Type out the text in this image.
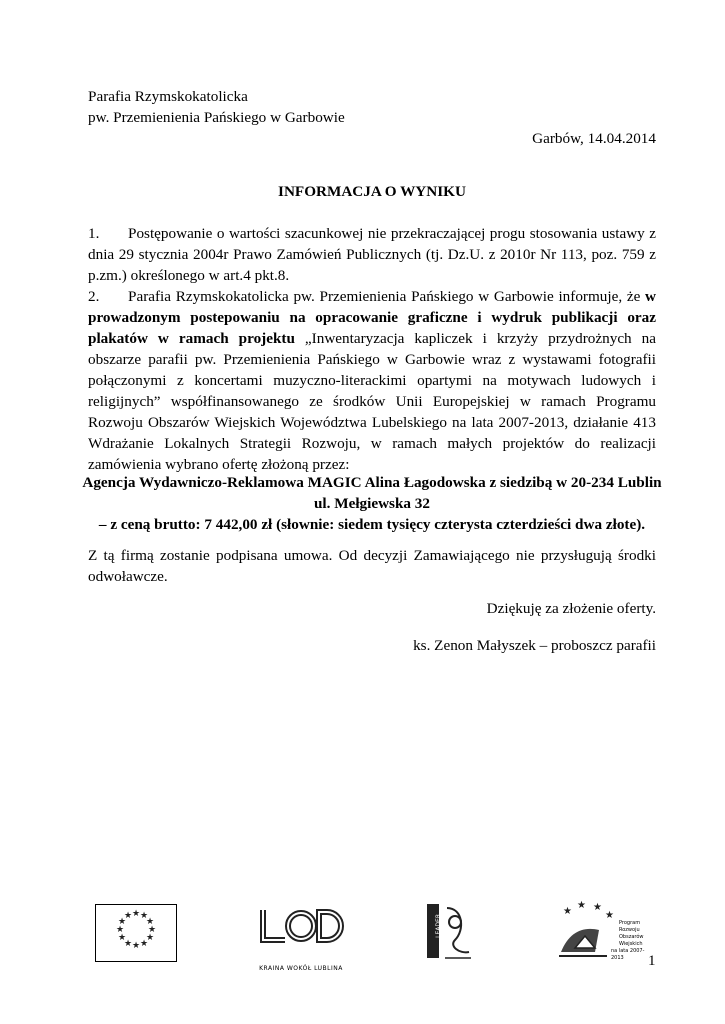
Parafia Rzymskokatolicka

pw. Przemienienia Pańskiego w Garbowie

Garbów, 14.04.2014
INFORMACJA O WYNIKU
1. Postępowanie o wartości szacunkowej nie przekraczającej progu stosowania ustawy z dnia 29 stycznia 2004r Prawo Zamówień Publicznych (tj. Dz.U. z 2010r Nr 113, poz. 759 z p.zm.) określonego w art.4 pkt.8.
2. Parafia Rzymskokatolicka pw. Przemienienia Pańskiego w Garbowie informuje, że w prowadzonym postepowaniu na opracowanie graficzne i wydruk publikacji oraz plakatów w ramach projektu „Inwentaryzacja kapliczek i krzyży przydrożnych na obszarze parafii pw. Przemienienia Pańskiego w Garbowie wraz z wystawami fotografii połączonymi z koncertami muzyczno-literackimi opartymi na motywach ludowych i religijnych” współfinansowanego ze środków Unii Europejskiej w ramach Programu Rozwoju Obszarów Wiejskich Województwa Lubelskiego na lata 2007-2013, działanie 413 Wdrażanie Lokalnych Strategii Rozwoju, w ramach małych projektów do realizacji zamówienia wybrano ofertę złożoną przez:

Agencja Wydawniczo-Reklamowa MAGIC Alina Łagodowska z siedzibą w 20-234 Lublin

ul. Mełgiewska 32

– z ceną brutto: 7 442,00 zł (słownie: siedem tysięcy czterysta czterdzieści dwa złote).

Z tą firmą zostanie podpisana umowa. Od decyzji Zamawiającego nie przysługują środki odwoławcze.
Dziękuję za złożenie oferty.
ks. Zenon Małyszek – proboszcz parafii
★ ★
★
★
★
★
★
★
★
★
★
★
KRAINA WOKÓŁ LUBLINA
LEADER
★
★ ★
★
Program
Rozwoju
Obszarów
Wiejskich
na lata 2007-2013	1
